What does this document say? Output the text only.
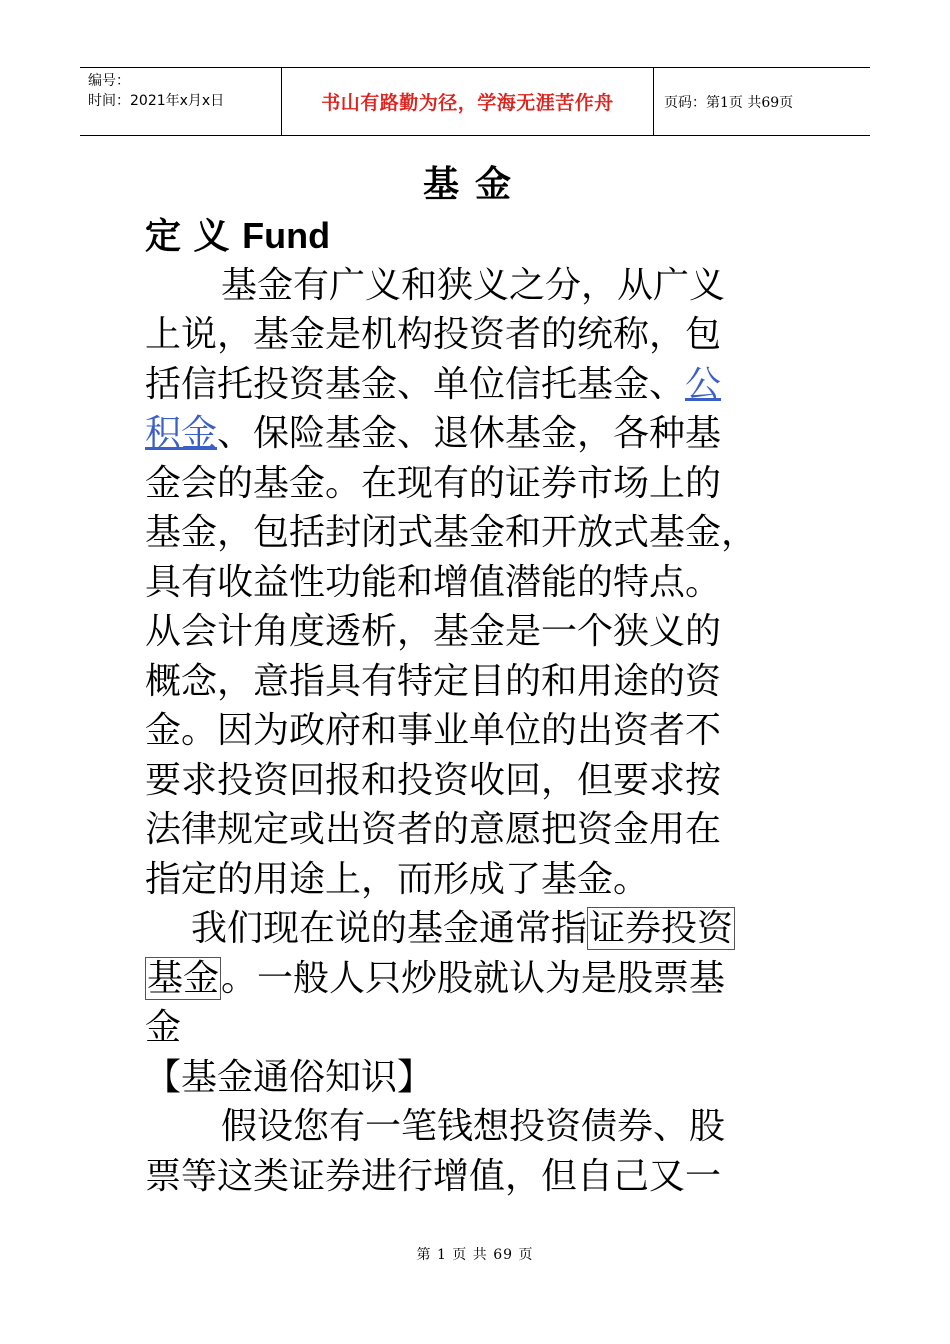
编号：
时间：2021年x月x日	书山有路勤为径，学海无涯苦作舟	页码：第1页 共69页
基金
定 义 Fund
基金有广义和狭义之分，从广义
上说，基金是机构投资者的统称，包
括信托投资基金、单位信托基金、公
积金、保险基金、退休基金，各种基
金会的基金。在现有的证券市场上的
基金，包括封闭式基金和开放式基金，
具有收益性功能和增值潜能的特点。
从会计角度透析，基金是一个狭义的
概念，意指具有特定目的和用途的资
金。因为政府和事业单位的出资者不
要求投资回报和投资收回，但要求按
法律规定或出资者的意愿把资金用在
指定的用途上，而形成了基金。
我们现在说的基金通常指证券投资
基金。一般人只炒股就认为是股票基
金
【基金通俗知识】
假设您有一笔钱想投资债券、股
票等这类证券进行增值，但自己又一
第 1 页 共 69 页
